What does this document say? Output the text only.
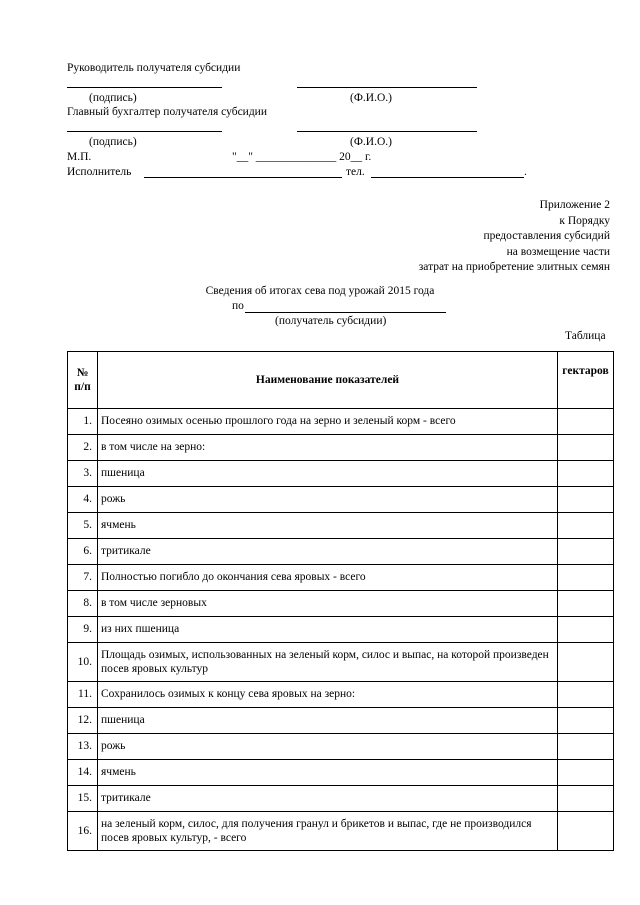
Руководитель получателя субсидии
(подпись)	(Ф.И.О.)
Главный бухгалтер получателя субсидии
(подпись)	(Ф.И.О.)
М.П.	"__" ______________ 20__ г.
Исполнитель	тел.	.
Приложение 2
к Порядку
предоставления субсидий
на возмещение части
затрат на приобретение элитных семян
Сведения об итогах сева под урожай 2015 года
по
(получатель субсидии)
Таблица
№ п/п	Наименование показателей	гектаров
1.	Посеяно озимых осенью прошлого года на зерно и зеленый корм - всего	
2.	в том числе на зерно:	
3.	пшеница	
4.	рожь	
5.	ячмень	
6.	тритикале	
7.	Полностью погибло до окончания сева яровых - всего	
8.	в том числе зерновых	
9.	из них пшеница	
10.	Площадь озимых, использованных на зеленый корм, силос и выпас, на которой произведен посев яровых культур	
11.	Сохранилось озимых к концу сева яровых на зерно:	
12.	пшеница	
13.	рожь	
14.	ячмень	
15.	тритикале	
16.	на зеленый корм, силос, для получения гранул и брикетов и выпас, где не производился посев яровых культур, - всего	
